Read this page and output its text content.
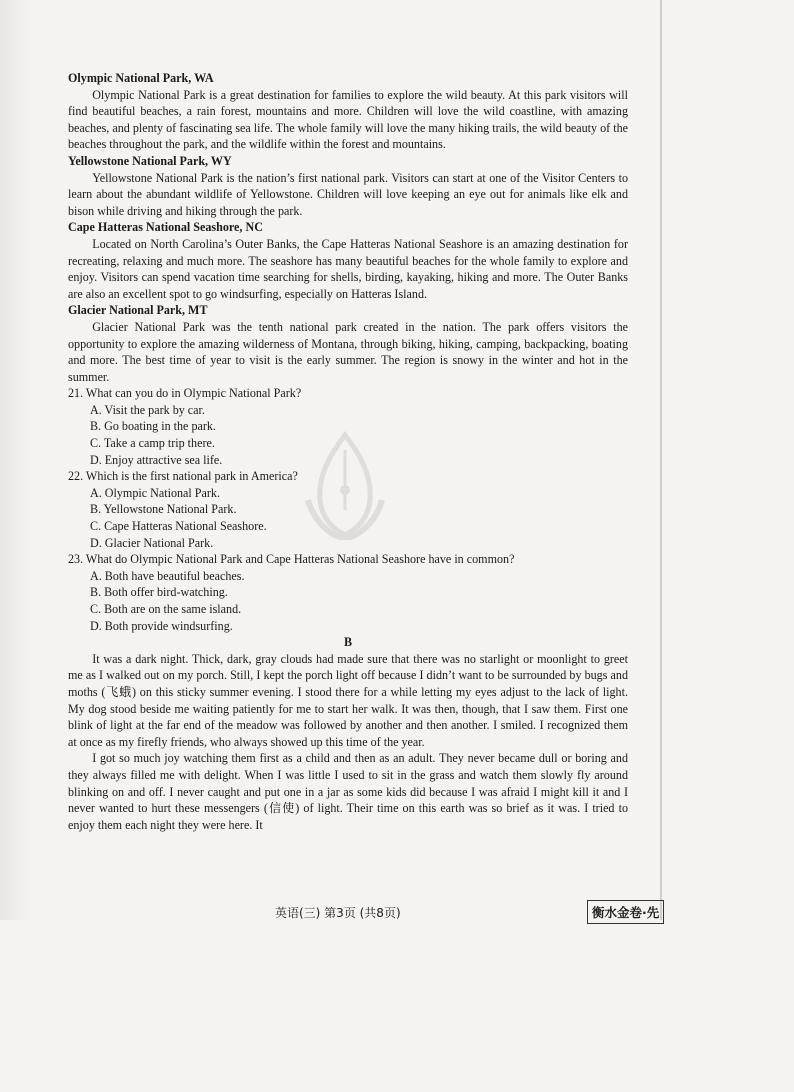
Olympic National Park, WA

Olympic National Park is a great destination for families to explore the wild beauty. At this park visitors will find beautiful beaches, a rain forest, mountains and more. Children will love the wild coastline, with amazing beaches, and plenty of fascinating sea life. The whole family will love the many hiking trails, the wild beauty of the beaches throughout the park, and the wildlife within the forest and mountains.

Yellowstone National Park, WY

Yellowstone National Park is the nation’s first national park. Visitors can start at one of the Visitor Centers to learn about the abundant wildlife of Yellowstone. Children will love keeping an eye out for animals like elk and bison while driving and hiking through the park.

Cape Hatteras National Seashore, NC

Located on North Carolina’s Outer Banks, the Cape Hatteras National Seashore is an amazing destination for recreating, relaxing and much more. The seashore has many beautiful beaches for the whole family to explore and enjoy. Visitors can spend vacation time searching for shells, birding, kayaking, hiking and more. The Outer Banks are also an excellent spot to go windsurfing, especially on Hatteras Island.

Glacier National Park, MT

Glacier National Park was the tenth national park created in the nation. The park offers visitors the opportunity to explore the amazing wilderness of Montana, through biking, hiking, camping, backpacking, boating and more. The best time of year to visit is the early summer. The region is snowy in the winter and hot in the summer.

21. What can you do in Olympic National Park?

A. Visit the park by car.

B. Go boating in the park.

C. Take a camp trip there.

D. Enjoy attractive sea life.

22. Which is the first national park in America?

A. Olympic National Park.

B. Yellowstone National Park.

C. Cape Hatteras National Seashore.

D. Glacier National Park.

23. What do Olympic National Park and Cape Hatteras National Seashore have in common?

A. Both have beautiful beaches.

B. Both offer bird-watching.

C. Both are on the same island.

D. Both provide windsurfing.

B

It was a dark night. Thick, dark, gray clouds had made sure that there was no starlight or moonlight to greet me as I walked out on my porch. Still, I kept the porch light off because I didn’t want to be surrounded by bugs and moths (飞蛾) on this sticky summer evening. I stood there for a while letting my eyes adjust to the lack of light. My dog stood beside me waiting patiently for me to start her walk. It was then, though, that I saw them. First one blink of light at the far end of the meadow was followed by another and then another. I smiled. I recognized them at once as my firefly friends, who always showed up this time of the year.

I got so much joy watching them first as a child and then as an adult. They never became dull or boring and they always filled me with delight. When I was little I used to sit in the grass and watch them slowly fly around blinking on and off. I never caught and put one in a jar as some kids did because I was afraid I might kill it and I never wanted to hurt these messengers (信使) of light. Their time on this earth was so brief as it was. I tried to enjoy them each night they were here. It

英语(三) 第3页 (共8页)	衡水金卷·先
